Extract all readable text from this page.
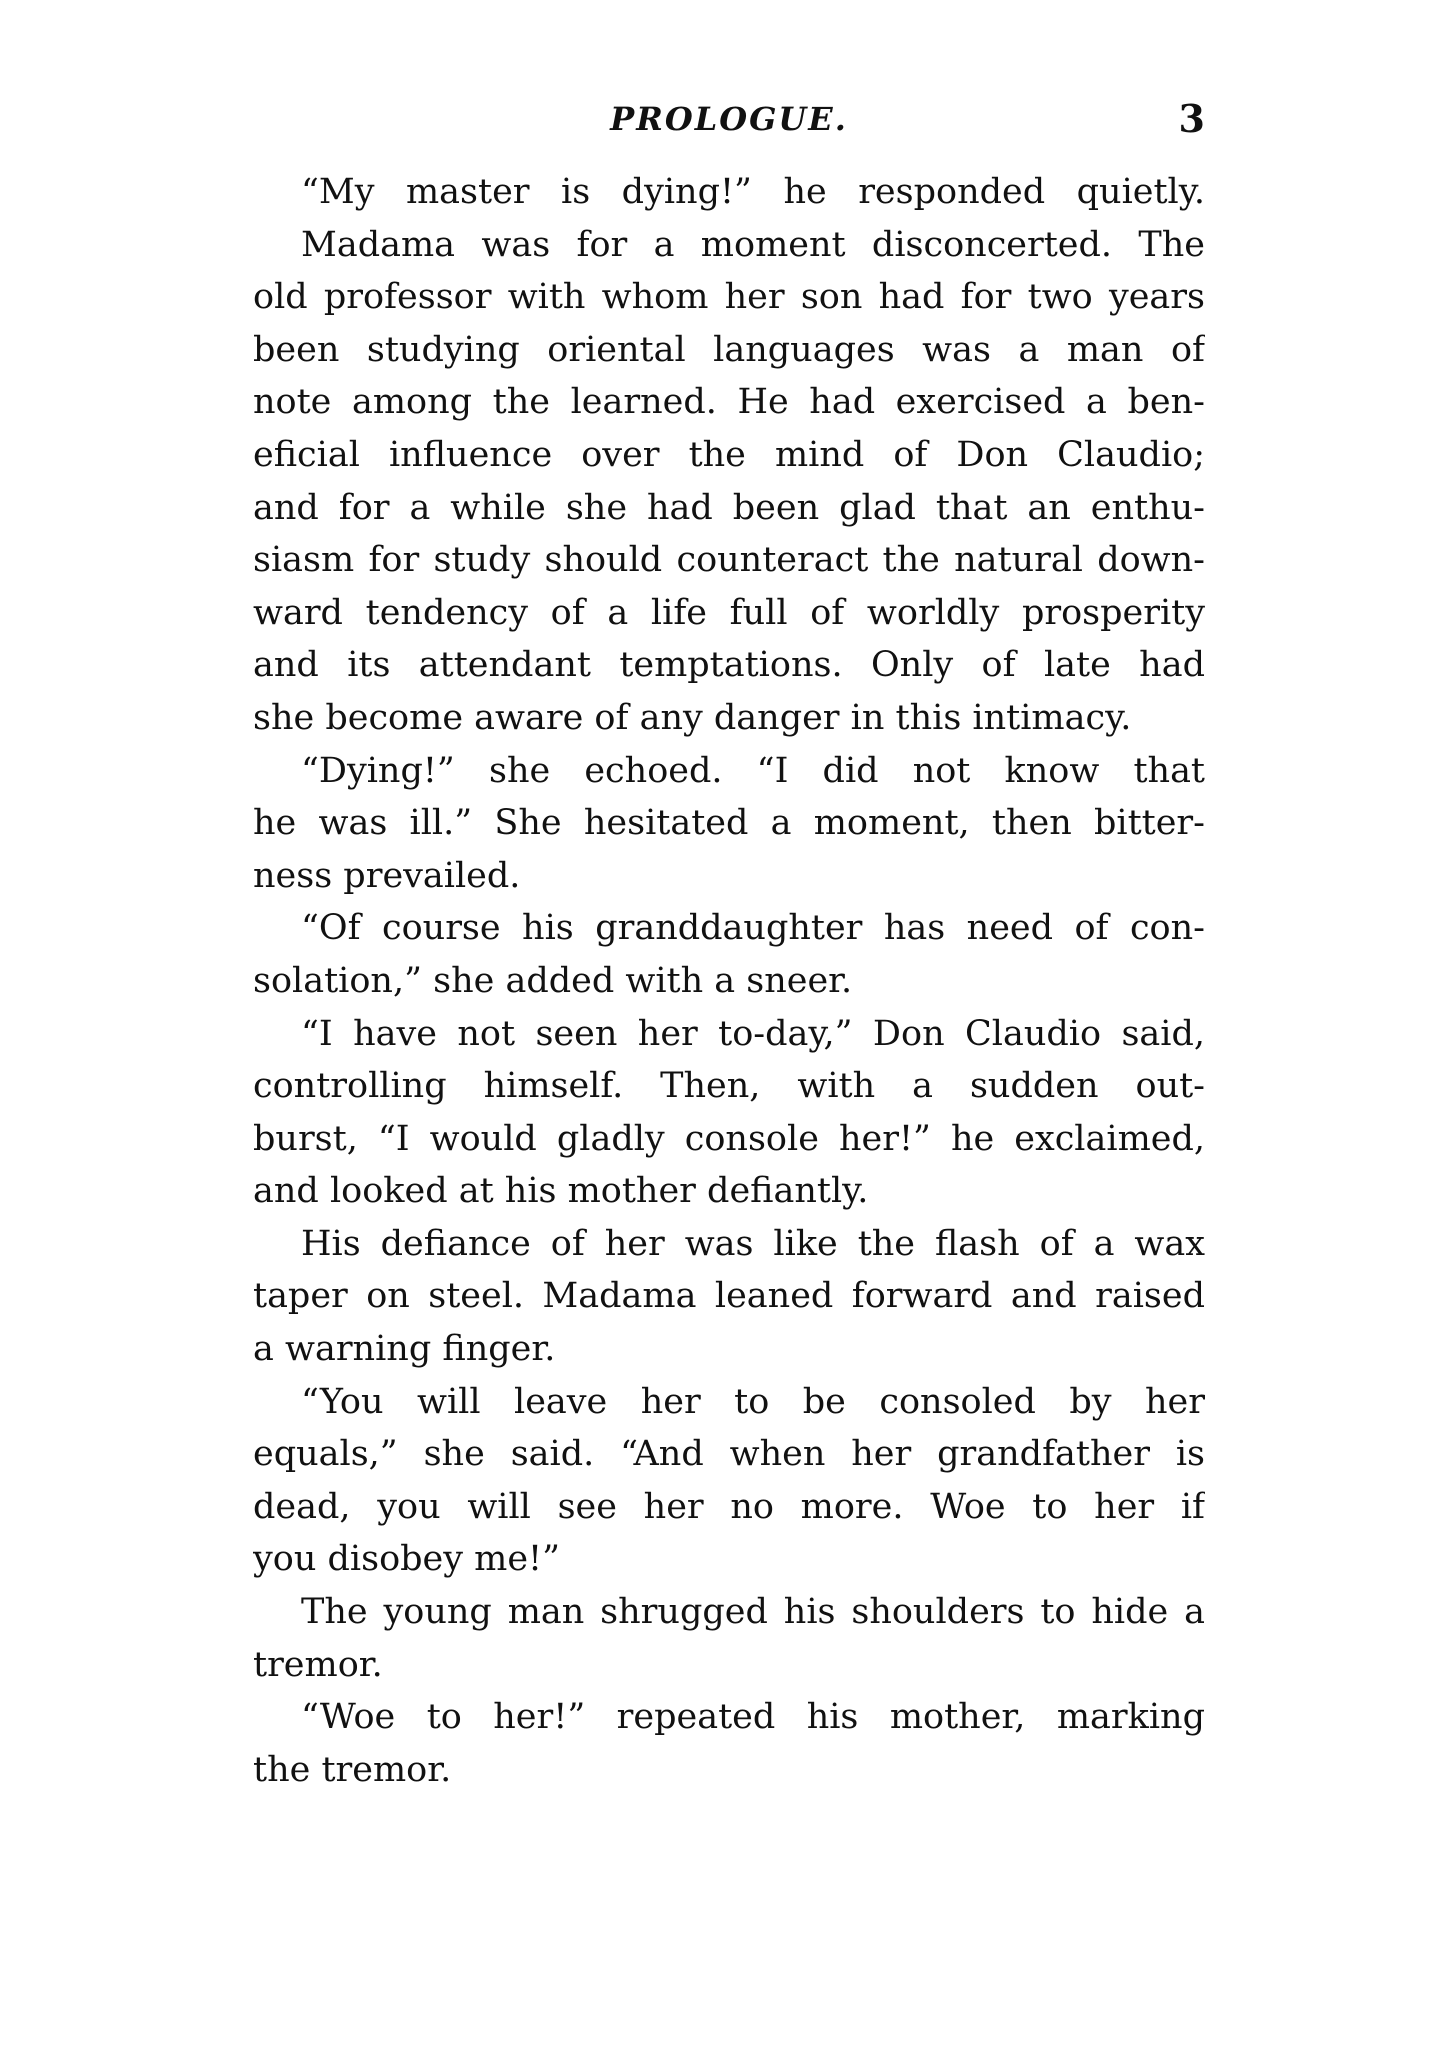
PROLOGUE.	3
“My master is dying!” he responded quietly.
Madama was for a moment disconcerted. The
old professor with whom her son had for two years
been studying oriental languages was a man of
note among the learned. He had exercised a ben-
eficial influence over the mind of Don Claudio;
and for a while she had been glad that an enthu-
siasm for study should counteract the natural down-
ward tendency of a life full of worldly prosperity
and its attendant temptations. Only of late had
she become aware of any danger in this intimacy.
“Dying!” she echoed. “I did not know that
he was ill.” She hesitated a moment, then bitter-
ness prevailed.
“Of course his granddaughter has need of con-
solation,” she added with a sneer.
“I have not seen her to-day,” Don Claudio said,
controlling himself. Then, with a sudden out-
burst, “I would gladly console her!” he exclaimed,
and looked at his mother defiantly.
His defiance of her was like the flash of a wax
taper on steel. Madama leaned forward and raised
a warning finger.
“You will leave her to be consoled by her
equals,” she said. “And when her grandfather is
dead, you will see her no more. Woe to her if
you disobey me!”
The young man shrugged his shoulders to hide a
tremor.
“Woe to her!” repeated his mother, marking
the tremor.
